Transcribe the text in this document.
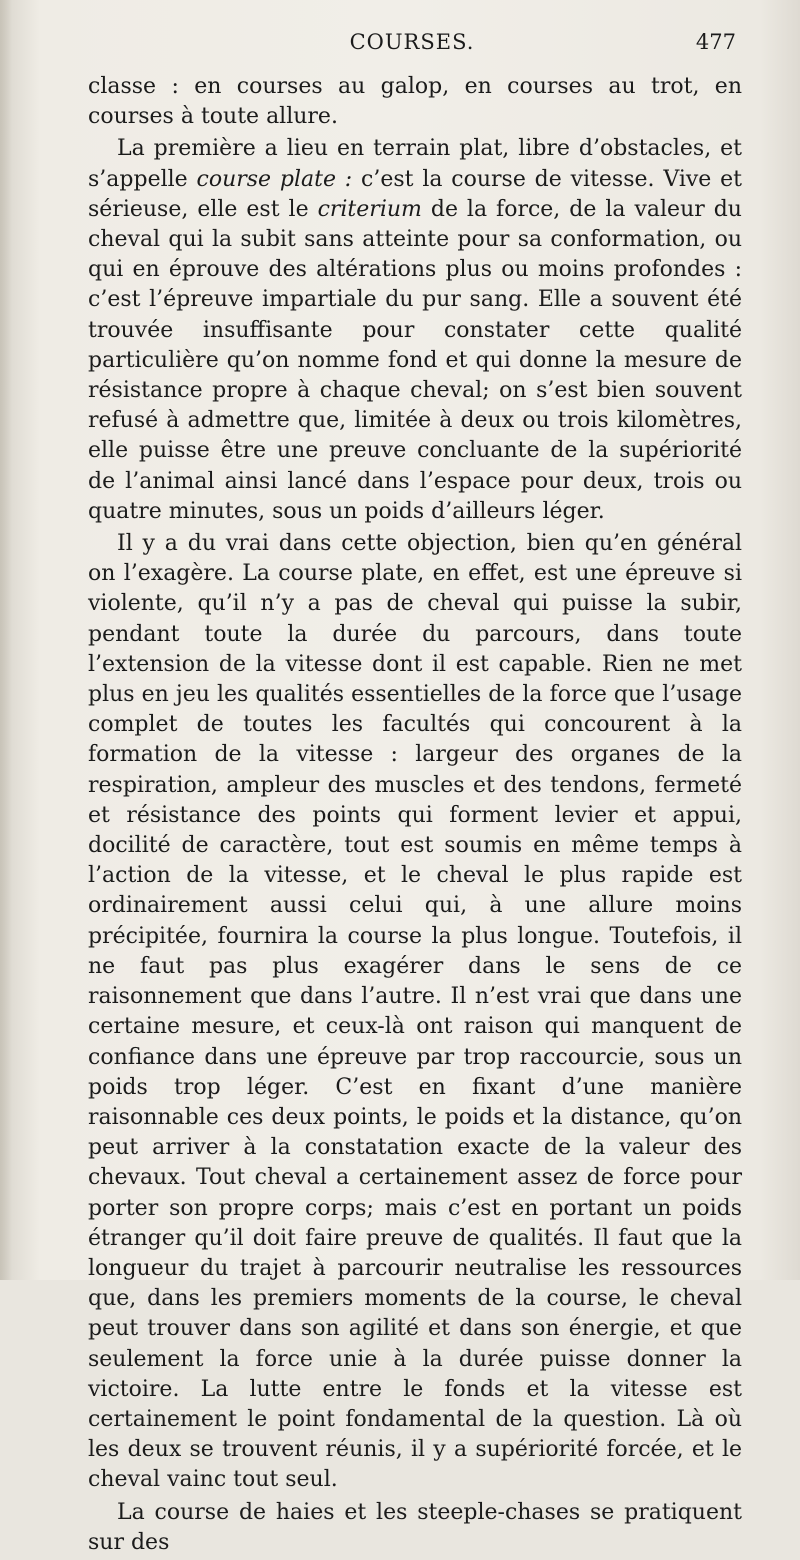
COURSES.	477

classe : en courses au galop, en courses au trot, en courses à toute allure.

La première a lieu en terrain plat, libre d’obstacles, et s’appelle course plate : c’est la course de vitesse. Vive et sérieuse, elle est le criterium de la force, de la valeur du cheval qui la subit sans atteinte pour sa conformation, ou qui en éprouve des altérations plus ou moins profondes : c’est l’épreuve impartiale du pur sang. Elle a souvent été trouvée insuffisante pour constater cette qualité particulière qu’on nomme fond et qui donne la mesure de résistance propre à chaque cheval; on s’est bien souvent refusé à admettre que, limitée à deux ou trois kilomètres, elle puisse être une preuve concluante de la supériorité de l’animal ainsi lancé dans l’espace pour deux, trois ou quatre minutes, sous un poids d’ailleurs léger.

Il y a du vrai dans cette objection, bien qu’en général on l’exagère. La course plate, en effet, est une épreuve si violente, qu’il n’y a pas de cheval qui puisse la subir, pendant toute la durée du parcours, dans toute l’extension de la vitesse dont il est capable. Rien ne met plus en jeu les qualités essentielles de la force que l’usage complet de toutes les facultés qui concourent à la formation de la vitesse : largeur des organes de la respiration, ampleur des muscles et des tendons, fermeté et résistance des points qui forment levier et appui, docilité de caractère, tout est soumis en même temps à l’action de la vitesse, et le cheval le plus rapide est ordinairement aussi celui qui, à une allure moins précipitée, fournira la course la plus longue. Toutefois, il ne faut pas plus exagérer dans le sens de ce raisonnement que dans l’autre. Il n’est vrai que dans une certaine mesure, et ceux-là ont raison qui manquent de confiance dans une épreuve par trop raccourcie, sous un poids trop léger. C’est en fixant d’une manière raisonnable ces deux points, le poids et la distance, qu’on peut arriver à la constatation exacte de la valeur des chevaux. Tout cheval a certainement assez de force pour porter son propre corps; mais c’est en portant un poids étranger qu’il doit faire preuve de qualités. Il faut que la longueur du trajet à parcourir neutralise les ressources que, dans les premiers moments de la course, le cheval peut trouver dans son agilité et dans son énergie, et que seulement la force unie à la durée puisse donner la victoire. La lutte entre le fonds et la vitesse est certainement le point fondamental de la question. Là où les deux se trouvent réunis, il y a supériorité forcée, et le cheval vainc tout seul.

La course de haies et les steeple-chases se pratiquent sur des
